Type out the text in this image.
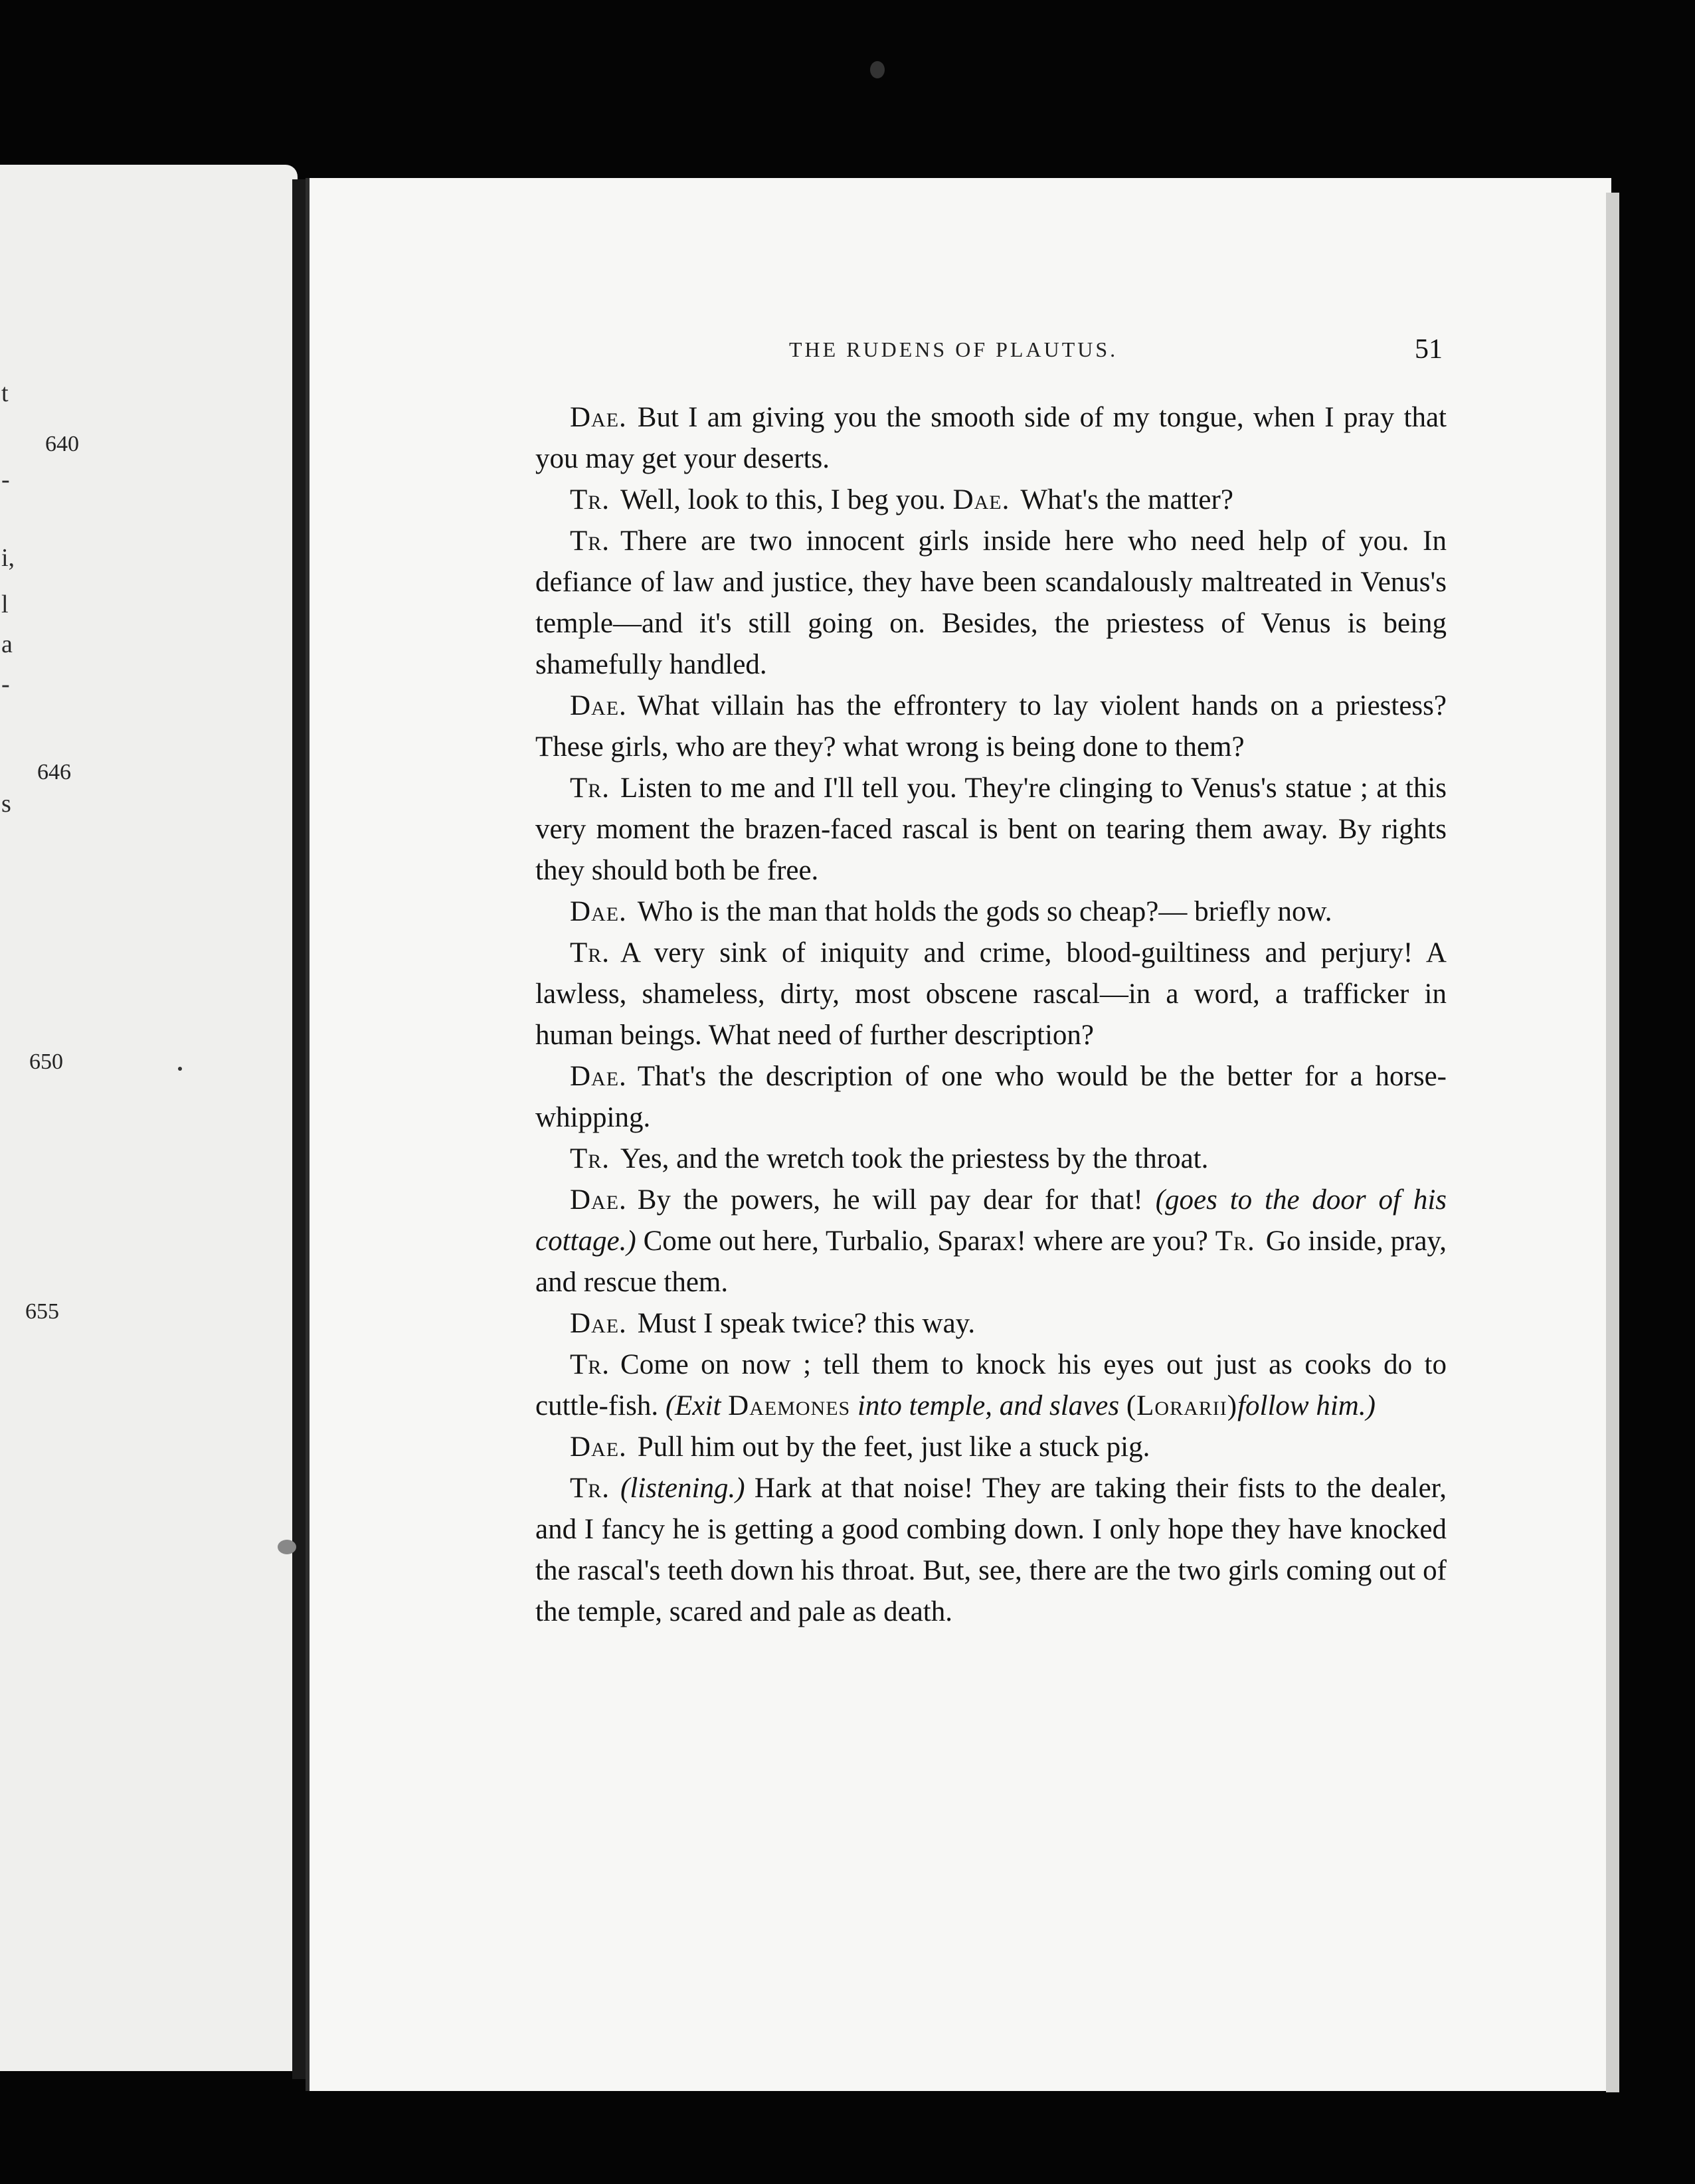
t
-
i,
l
a
-
s
640
646
650
655
THE RUDENS OF PLAUTUS.	51

Dae. But I am giving you the smooth side of my tongue, when I pray that you may get your deserts.

Tr. Well, look to this, I beg you. Dae. What's the matter?

Tr. There are two innocent girls inside here who need help of you. In defiance of law and justice, they have been scandalously maltreated in Venus's temple—and it's still going on. Besides, the priestess of Venus is being shamefully handled.

Dae. What villain has the effrontery to lay violent hands on a priestess? These girls, who are they? what wrong is being done to them?

Tr. Listen to me and I'll tell you. They're clinging to Venus's statue ; at this very moment the brazen-faced rascal is bent on tearing them away. By rights they should both be free.

Dae. Who is the man that holds the gods so cheap?— briefly now.

Tr. A very sink of iniquity and crime, blood-guiltiness and perjury! A lawless, shameless, dirty, most obscene rascal—in a word, a trafficker in human beings. What need of further description?

Dae. That's the description of one who would be the better for a horse-whipping.

Tr. Yes, and the wretch took the priestess by the throat.

Dae. By the powers, he will pay dear for that! (goes to the door of his cottage.) Come out here, Turbalio, Sparax! where are you? Tr. Go inside, pray, and rescue them.

Dae. Must I speak twice? this way.

Tr. Come on now ; tell them to knock his eyes out just as cooks do to cuttle-fish. (Exit Daemones into temple, and slaves (Lorarii)follow him.)

Dae. Pull him out by the feet, just like a stuck pig.

Tr. (listening.) Hark at that noise! They are taking their fists to the dealer, and I fancy he is getting a good combing down. I only hope they have knocked the rascal's teeth down his throat. But, see, there are the two girls coming out of the temple, scared and pale as death.
